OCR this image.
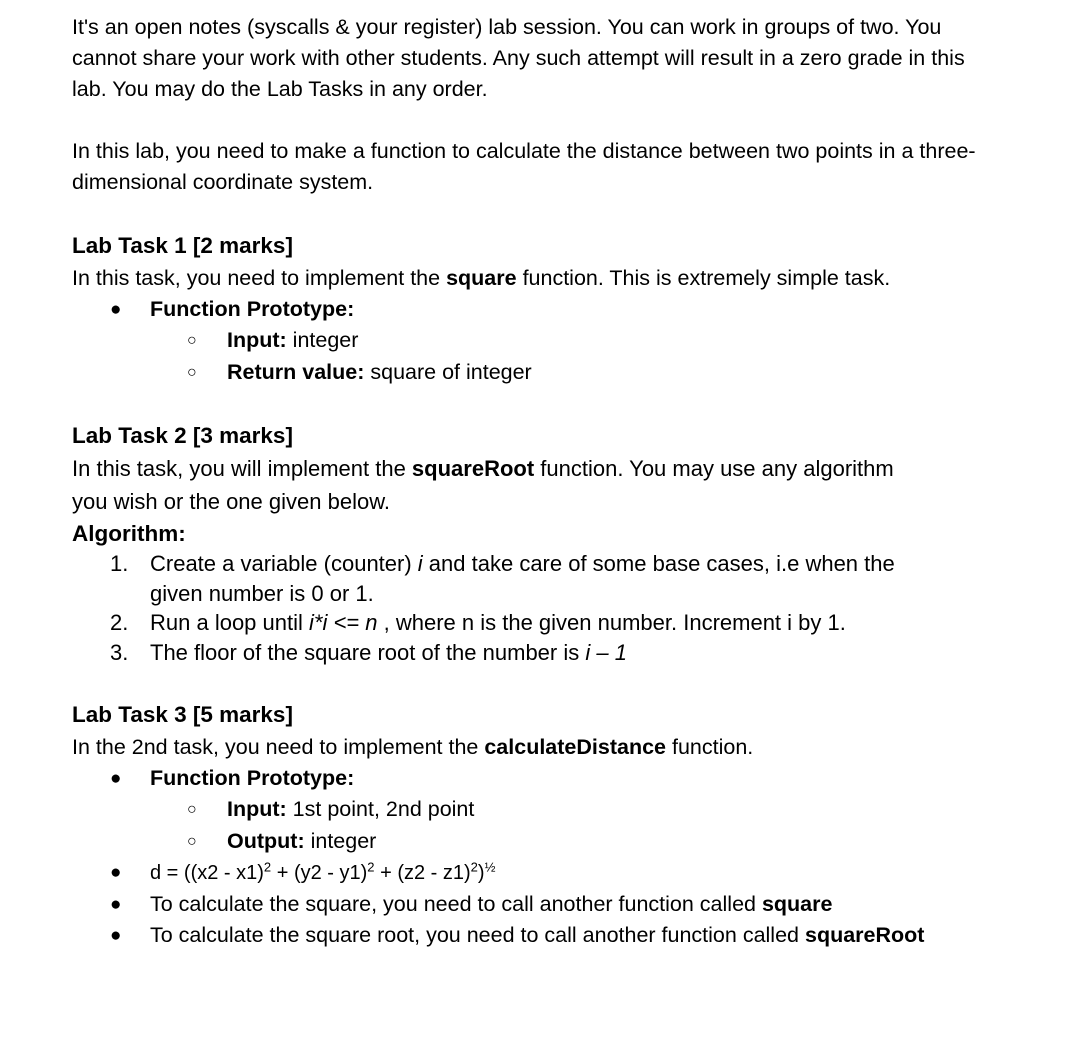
It's an open notes (syscalls & your register) lab session. You can work in groups of two. You
cannot share your work with other students. Any such attempt will result in a zero grade in this
lab. You may do the Lab Tasks in any order.

In this lab, you need to make a function to calculate the distance between two points in a three-
dimensional coordinate system.

Lab Task 1 [2 marks]

In this task, you need to implement the square function. This is extremely simple task.

● Function Prototype:
○ Input: integer
○ Return value: square of integer
Lab Task 2 [3 marks]

In this task, you will implement the squareRoot function. You may use any algorithm
you wish or the one given below.

Algorithm:

1. Create a variable (counter) i and take care of some base cases, i.e when the
given number is 0 or 1.
2. Run a loop until i*i <= n , where n is the given number. Increment i by 1.
3. The floor of the square root of the number is i – 1
Lab Task 3 [5 marks]

In the 2nd task, you need to implement the calculateDistance function.

● Function Prototype:
○ Input: 1st point, 2nd point
○ Output: integer
● $d = ((x2 - x1)^2 + (y2 - y1)^2 + (z2 - z1)^2)^{\frac{1}{2}}$
● To calculate the square, you need to call another function called square
● To calculate the square root, you need to call another function called squareRoot
